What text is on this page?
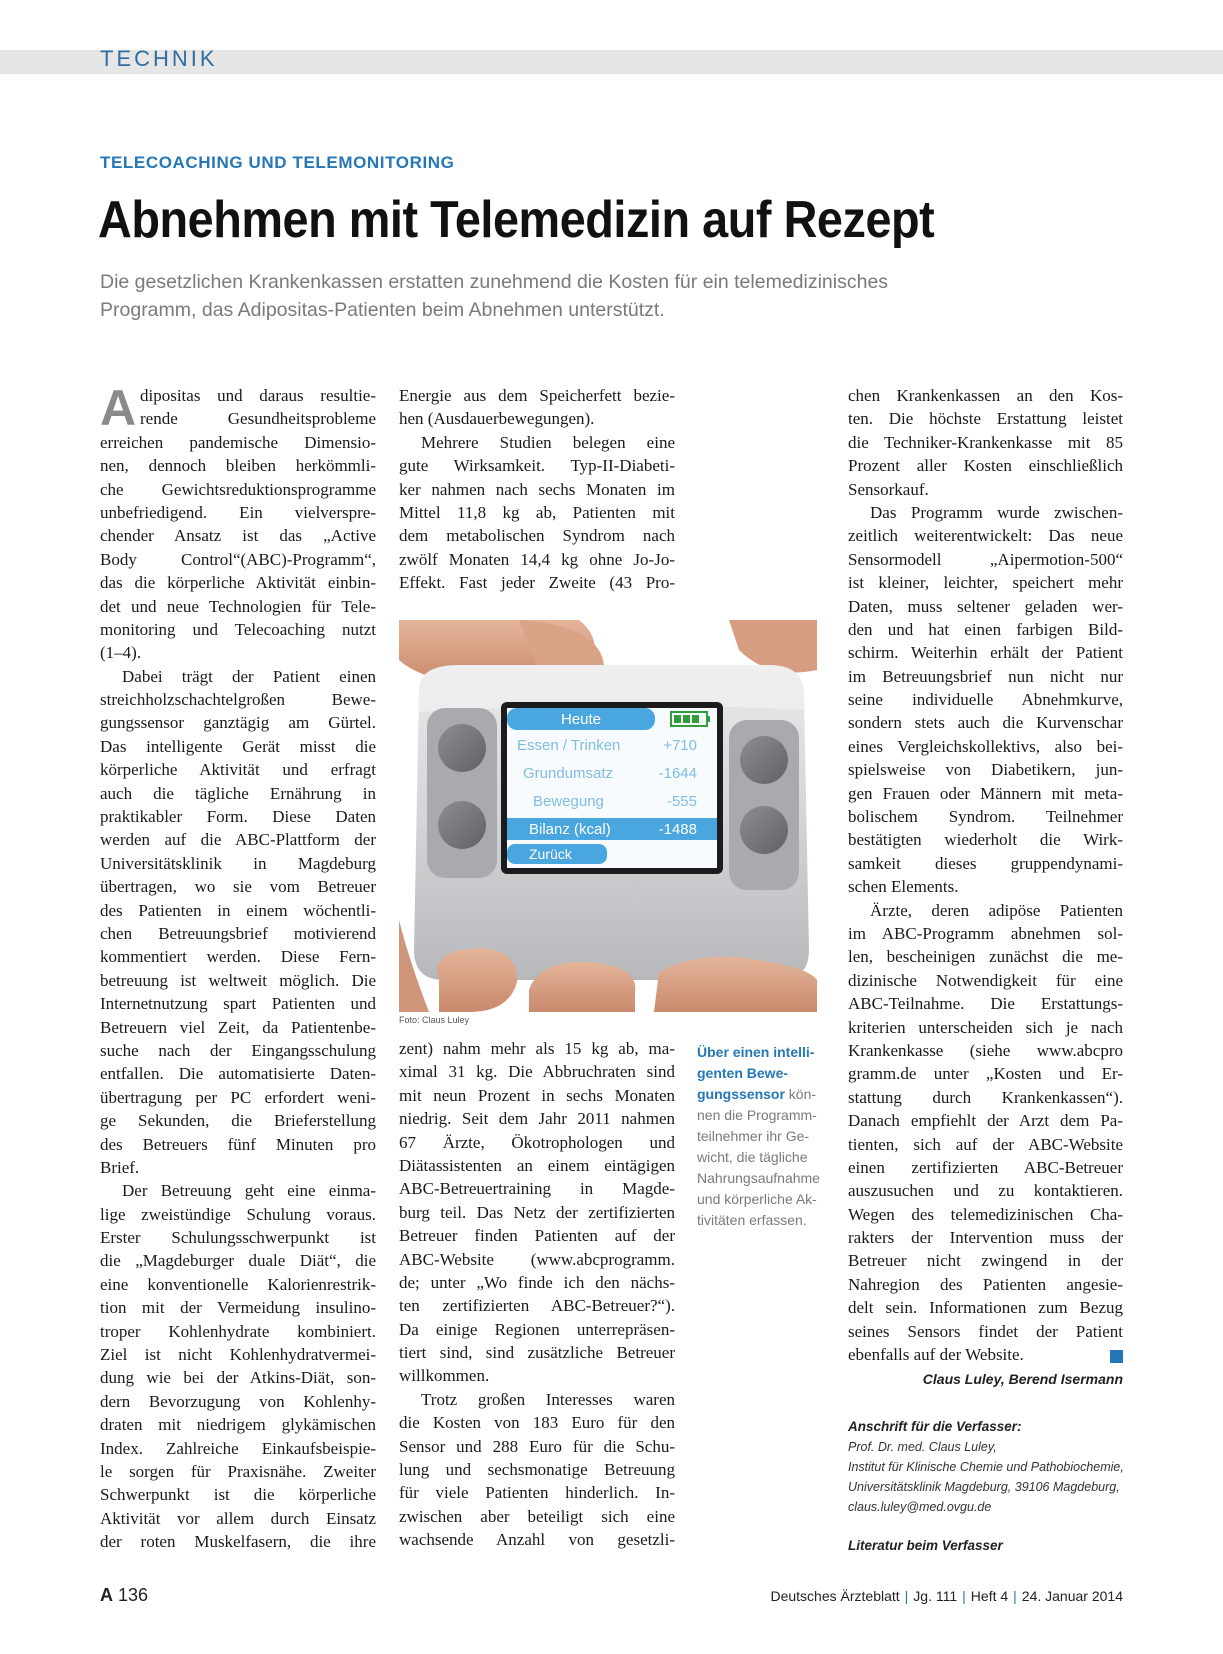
TECHNIK
TELECOACHING UND TELEMONITORING
Abnehmen mit Telemedizin auf Rezept
Die gesetzlichen Krankenkassen erstatten zunehmend die Kosten für ein telemedizinisches
Programm, das Adipositas-Patienten beim Abnehmen unterstützt.
A dipositas und daraus resultie-
rende Gesundheitsprobleme
erreichen pandemische Dimensio-
nen, dennoch bleiben herkömmli-
che Gewichtsreduktionsprogramme
unbefriedigend. Ein vielverspre-
chender Ansatz ist das „Active
Body Control“(ABC)-Programm“,
das die körperliche Aktivität einbin-
det und neue Technologien für Tele-
monitoring und Telecoaching nutzt
(1–4).
Dabei trägt der Patient einen
streichholzschachtelgroßen Bewe-
gungssensor ganztägig am Gürtel.
Das intelligente Gerät misst die
körperliche Aktivität und erfragt
auch die tägliche Ernährung in
praktikabler Form. Diese Daten
werden auf die ABC-Plattform der
Universitätsklinik in Magdeburg
übertragen, wo sie vom Betreuer
des Patienten in einem wöchentli-
chen Betreuungsbrief motivierend
kommentiert werden. Diese Fern-
betreuung ist weltweit möglich. Die
Internetnutzung spart Patienten und
Betreuern viel Zeit, da Patientenbe-
suche nach der Eingangsschulung
entfallen. Die automatisierte Daten-
übertragung per PC erfordert weni-
ge Sekunden, die Brieferstellung
des Betreuers fünf Minuten pro
Brief.
Der Betreuung geht eine einma-
lige zweistündige Schulung voraus.
Erster Schulungsschwerpunkt ist
die „Magdeburger duale Diät“, die
eine konventionelle Kalorienrestrik-
tion mit der Vermeidung insulino-
troper Kohlenhydrate kombiniert.
Ziel ist nicht Kohlenhydratvermei-
dung wie bei der Atkins-Diät, son-
dern Bevorzugung von Kohlenhy-
draten mit niedrigem glykämischen
Index. Zahlreiche Einkaufsbeispie-
le sorgen für Praxisnähe. Zweiter
Schwerpunkt ist die körperliche
Aktivität vor allem durch Einsatz
der roten Muskelfasern, die ihre
Energie aus dem Speicherfett bezie-
hen (Ausdauerbewegungen).
Mehrere Studien belegen eine
gute Wirksamkeit. Typ-II-Diabeti-
ker nahmen nach sechs Monaten im
Mittel 11,8 kg ab, Patienten mit
dem metabolischen Syndrom nach
zwölf Monaten 14,4 kg ohne Jo-Jo-
Effekt. Fast jeder Zweite (43 Pro-
Heute
Essen / Trinken	+710
Grundumsatz	-1644
Bewegung	-555
Bilanz (kcal)	-1488
Zurück
Foto: Claus Luley
Über einen intelli-
genten Bewe-
gungssensor kön-
nen die Programm-
teilnehmer ihr Ge-
wicht, die tägliche
Nahrungsaufnahme
und körperliche Ak-
tivitäten erfassen.
zent) nahm mehr als 15 kg ab, ma-
ximal 31 kg. Die Abbruchraten sind
mit neun Prozent in sechs Monaten
niedrig. Seit dem Jahr 2011 nahmen
67 Ärzte, Ökotrophologen und
Diätassistenten an einem eintägigen
ABC-Betreuertraining in Magde-
burg teil. Das Netz der zertifizierten
Betreuer finden Patienten auf der
ABC-Website (www.abcprogramm.
de; unter „Wo finde ich den nächs-
ten zertifizierten ABC-Betreuer?“).
Da einige Regionen unterrepräsen-
tiert sind, sind zusätzliche Betreuer
willkommen.
Trotz großen Interesses waren
die Kosten von 183 Euro für den
Sensor und 288 Euro für die Schu-
lung und sechsmonatige Betreuung
für viele Patienten hinderlich. In-
zwischen aber beteiligt sich eine
wachsende Anzahl von gesetzli-
chen Krankenkassen an den Kos-
ten. Die höchste Erstattung leistet
die Techniker-Krankenkasse mit 85
Prozent aller Kosten einschließlich
Sensorkauf.
Das Programm wurde zwischen-
zeitlich weiterentwickelt: Das neue
Sensormodell „Aipermotion-500“
ist kleiner, leichter, speichert mehr
Daten, muss seltener geladen wer-
den und hat einen farbigen Bild-
schirm. Weiterhin erhält der Patient
im Betreuungsbrief nun nicht nur
seine individuelle Abnehmkurve,
sondern stets auch die Kurvenschar
eines Vergleichskollektivs, also bei-
spielsweise von Diabetikern, jun-
gen Frauen oder Männern mit meta-
bolischem Syndrom. Teilnehmer
bestätigten wiederholt die Wirk-
samkeit dieses gruppendynami-
schen Elements.
Ärzte, deren adipöse Patienten
im ABC-Programm abnehmen sol-
len, bescheinigen zunächst die me-
dizinische Notwendigkeit für eine
ABC-Teilnahme. Die Erstattungs-
kriterien unterscheiden sich je nach
Krankenkasse (siehe www.abcpro
gramm.de unter „Kosten und Er-
stattung durch Krankenkassen“).
Danach empfiehlt der Arzt dem Pa-
tienten, sich auf der ABC-Website
einen zertifizierten ABC-Betreuer
auszusuchen und zu kontaktieren.
Wegen des telemedizinischen Cha-
rakters der Intervention muss der
Betreuer nicht zwingend in der
Nahregion des Patienten angesie-
delt sein. Informationen zum Bezug
seines Sensors findet der Patient
ebenfalls auf der Website.
Claus Luley, Berend Isermann
Anschrift für die Verfasser:
Prof. Dr. med. Claus Luley,
Institut für Klinische Chemie und Pathobiochemie,
Universitätsklinik Magdeburg, 39106 Magdeburg,
claus.luley@med.ovgu.de
Literatur beim Verfasser
A 136	Deutsches Ärzteblatt | Jg. 111 | Heft 4 | 24. Januar 2014
